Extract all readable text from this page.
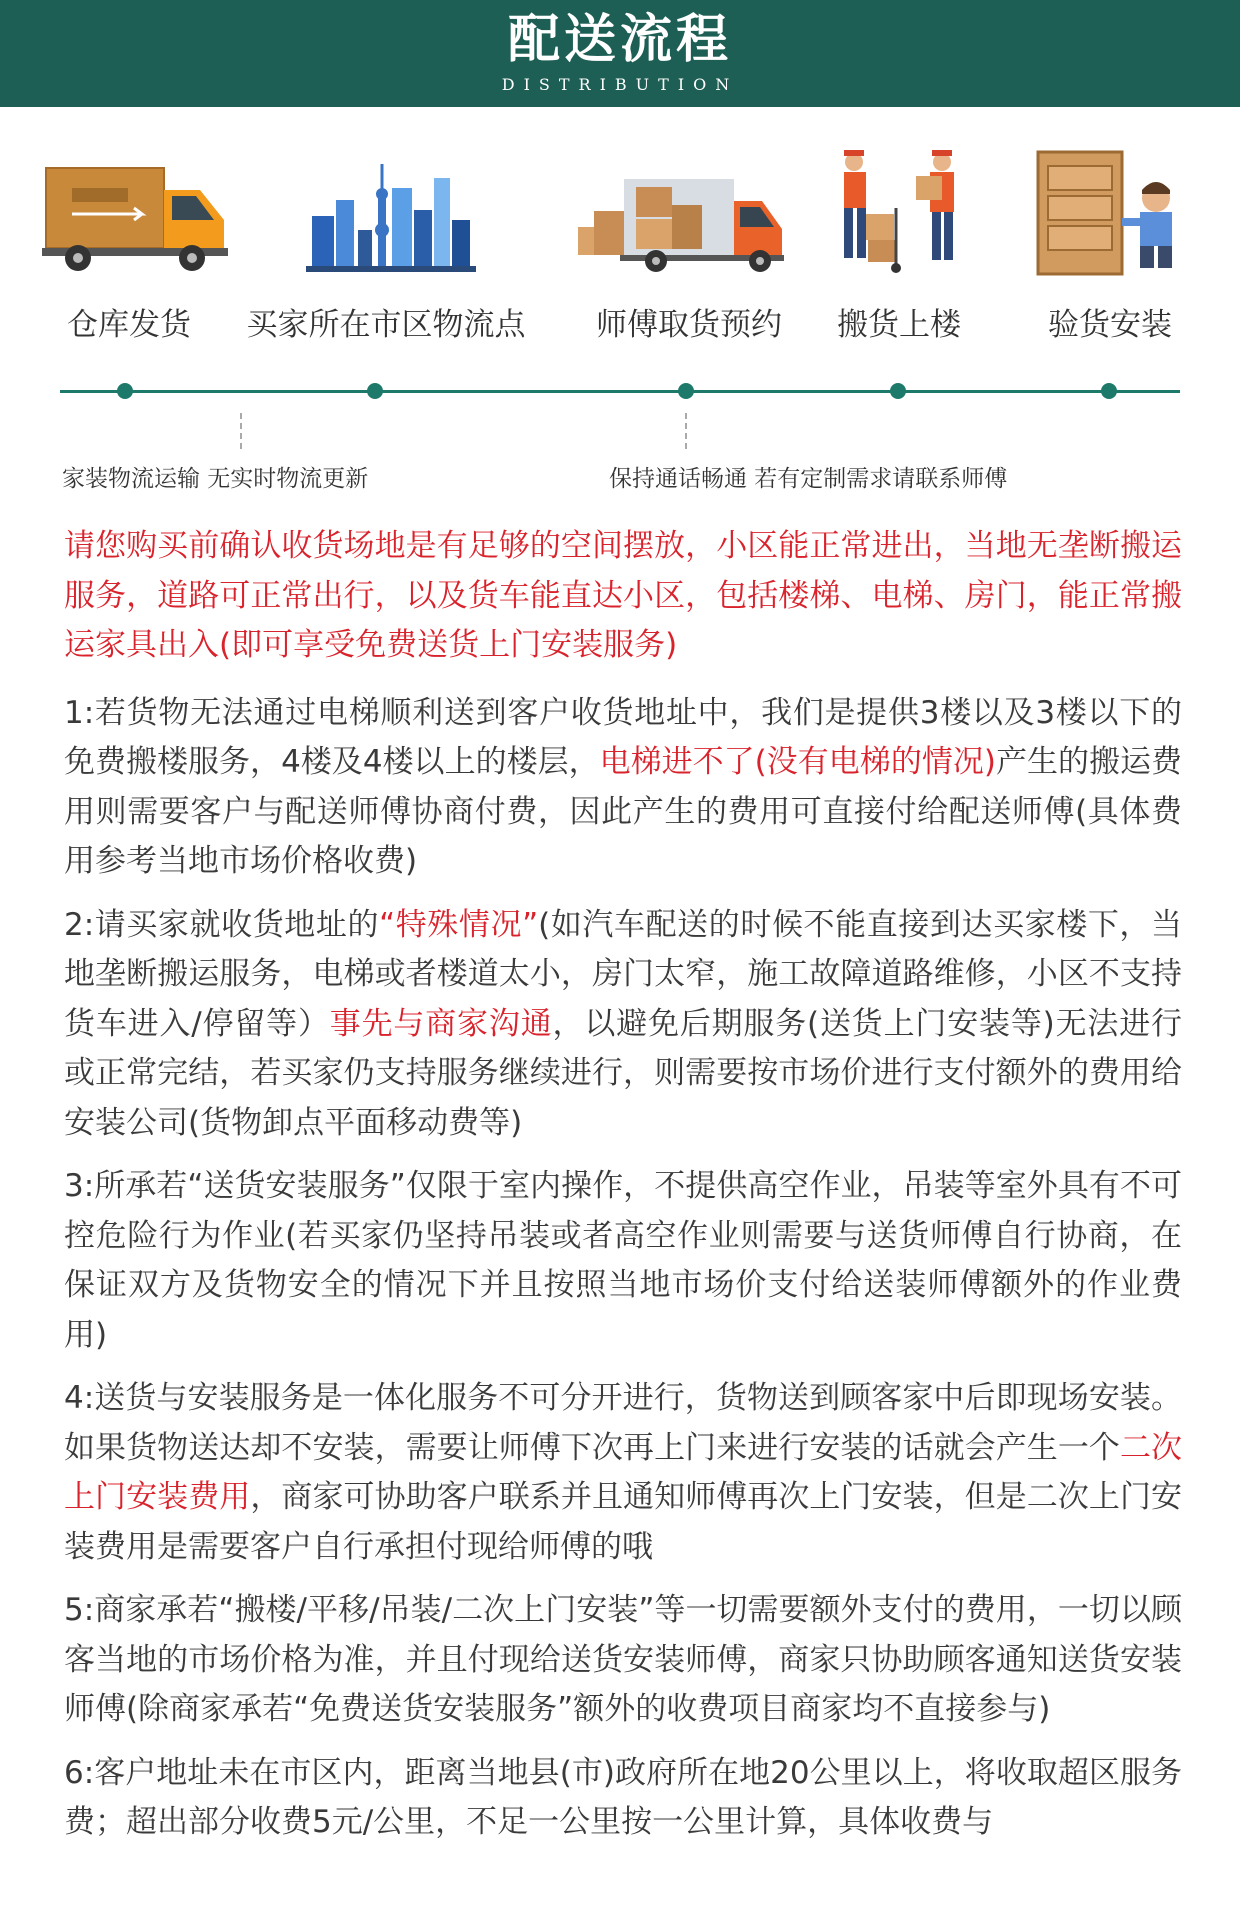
配送流程
DISTRIBUTION
仓库发货 买家所在市区物流点 师傅取货预约 搬货上楼	验货安装
家装物流运输 无实时物流更新	保持通话畅通 若有定制需求请联系师傅

请您购买前确认收货场地是有足够的空间摆放，小区能正常进出，当地无垄断搬运服务，道路可正常出行，以及货车能直达小区，包括楼梯、电梯、房门，能正常搬运家具出入(即可享受免费送货上门安装服务)

1:若货物无法通过电梯顺利送到客户收货地址中，我们是提供3楼以及3楼以下的免费搬楼服务，4楼及4楼以上的楼层，电梯进不了(没有电梯的情况)产生的搬运费用则需要客户与配送师傅协商付费，因此产生的费用可直接付给配送师傅(具体费用参考当地市场价格收费)

2:请买家就收货地址的“特殊情况”(如汽车配送的时候不能直接到达买家楼下，当地垄断搬运服务，电梯或者楼道太小，房门太窄，施工故障道路维修，小区不支持货车进入/停留等）事先与商家沟通，以避免后期服务(送货上门安装等)无法进行或正常完结，若买家仍支持服务继续进行，则需要按市场价进行支付额外的费用给安装公司(货物卸点平面移动费等)

3:所承若“送货安装服务”仅限于室内操作，不提供高空作业，吊装等室外具有不可控危险行为作业(若买家仍坚持吊装或者高空作业则需要与送货师傅自行协商，在保证双方及货物安全的情况下并且按照当地市场价支付给送装师傅额外的作业费用)

4:送货与安装服务是一体化服务不可分开进行，货物送到顾客家中后即现场安装。如果货物送达却不安装，需要让师傅下次再上门来进行安装的话就会产生一个二次上门安装费用，商家可协助客户联系并且通知师傅再次上门安装，但是二次上门安装费用是需要客户自行承担付现给师傅的哦

5:商家承若“搬楼/平移/吊装/二次上门安装”等一切需要额外支付的费用，一切以顾客当地的市场价格为准，并且付现给送货安装师傅，商家只协助顾客通知送货安装师傅(除商家承若“免费送货安装服务”额外的收费项目商家均不直接参与)

6:客户地址未在市区内，距离当地县(市)政府所在地20公里以上，将收取超区服务费；超出部分收费5元/公里，不足一公里按一公里计算，具体收费与
